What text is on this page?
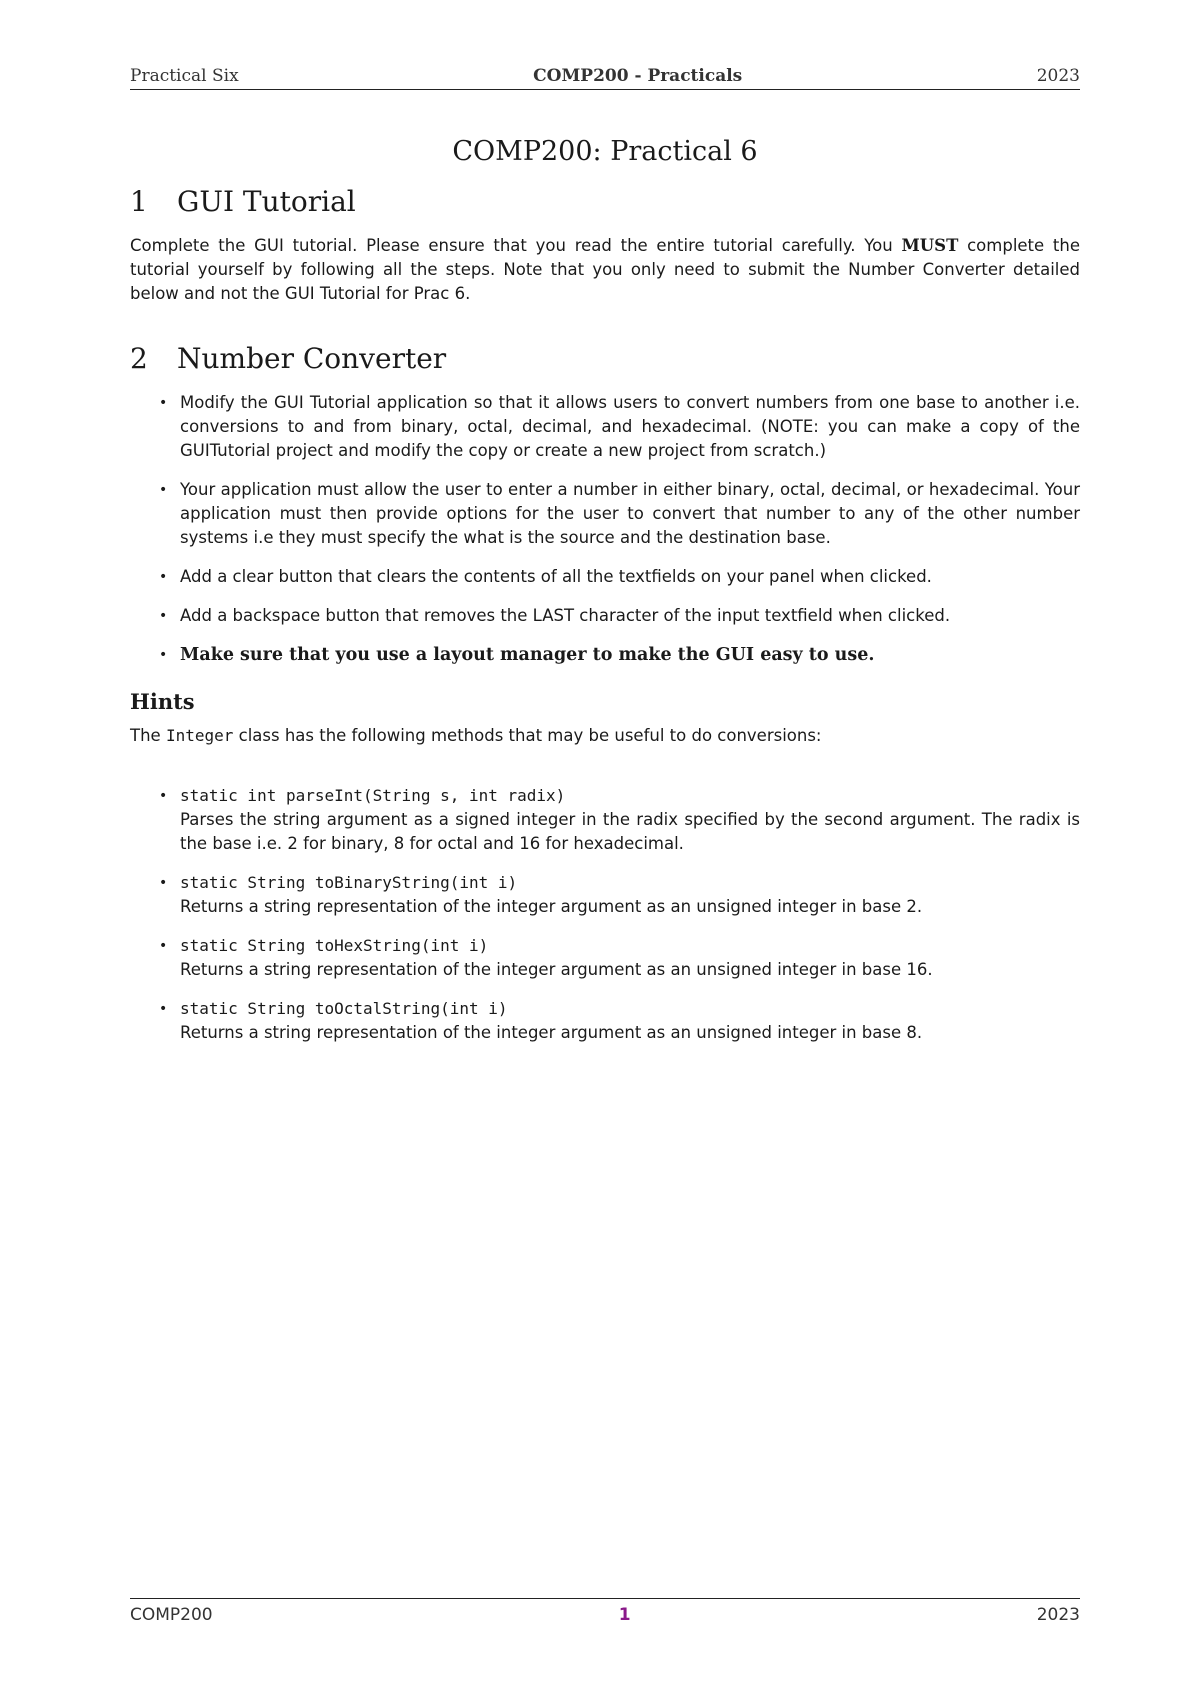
Practical Six	COMP200 - Practicals	2023
COMP200: Practical 6
1	GUI Tutorial

Complete the GUI tutorial. Please ensure that you read the entire tutorial carefully. You MUST complete the tutorial yourself by following all the steps. Note that you only need to submit the Number Converter detailed below and not the GUI Tutorial for Prac 6.

2	Number Converter
• Modify the GUI Tutorial application so that it allows users to convert numbers from one base to another i.e. conversions to and from binary, octal, decimal, and hexadecimal. (NOTE: you can make a copy of the GUITutorial project and modify the copy or create a new project from scratch.)
• Your application must allow the user to enter a number in either binary, octal, decimal, or hexadecimal. Your application must then provide options for the user to convert that number to any of the other number systems i.e they must specify the what is the source and the destination base.
• Add a clear button that clears the contents of all the textfields on your panel when clicked.
• Add a backspace button that removes the LAST character of the input textfield when clicked.
• Make sure that you use a layout manager to make the GUI easy to use.
Hints

The Integer class has the following methods that may be useful to do conversions:

• static int parseInt(String s, int radix)
Parses the string argument as a signed integer in the radix specified by the second argument. The radix is the base i.e. 2 for binary, 8 for octal and 16 for hexadecimal.
• static String toBinaryString(int i)
Returns a string representation of the integer argument as an unsigned integer in base 2.
• static String toHexString(int i)
Returns a string representation of the integer argument as an unsigned integer in base 16.
• static String toOctalString(int i)
Returns a string representation of the integer argument as an unsigned integer in base 8.
COMP200	1	2023
